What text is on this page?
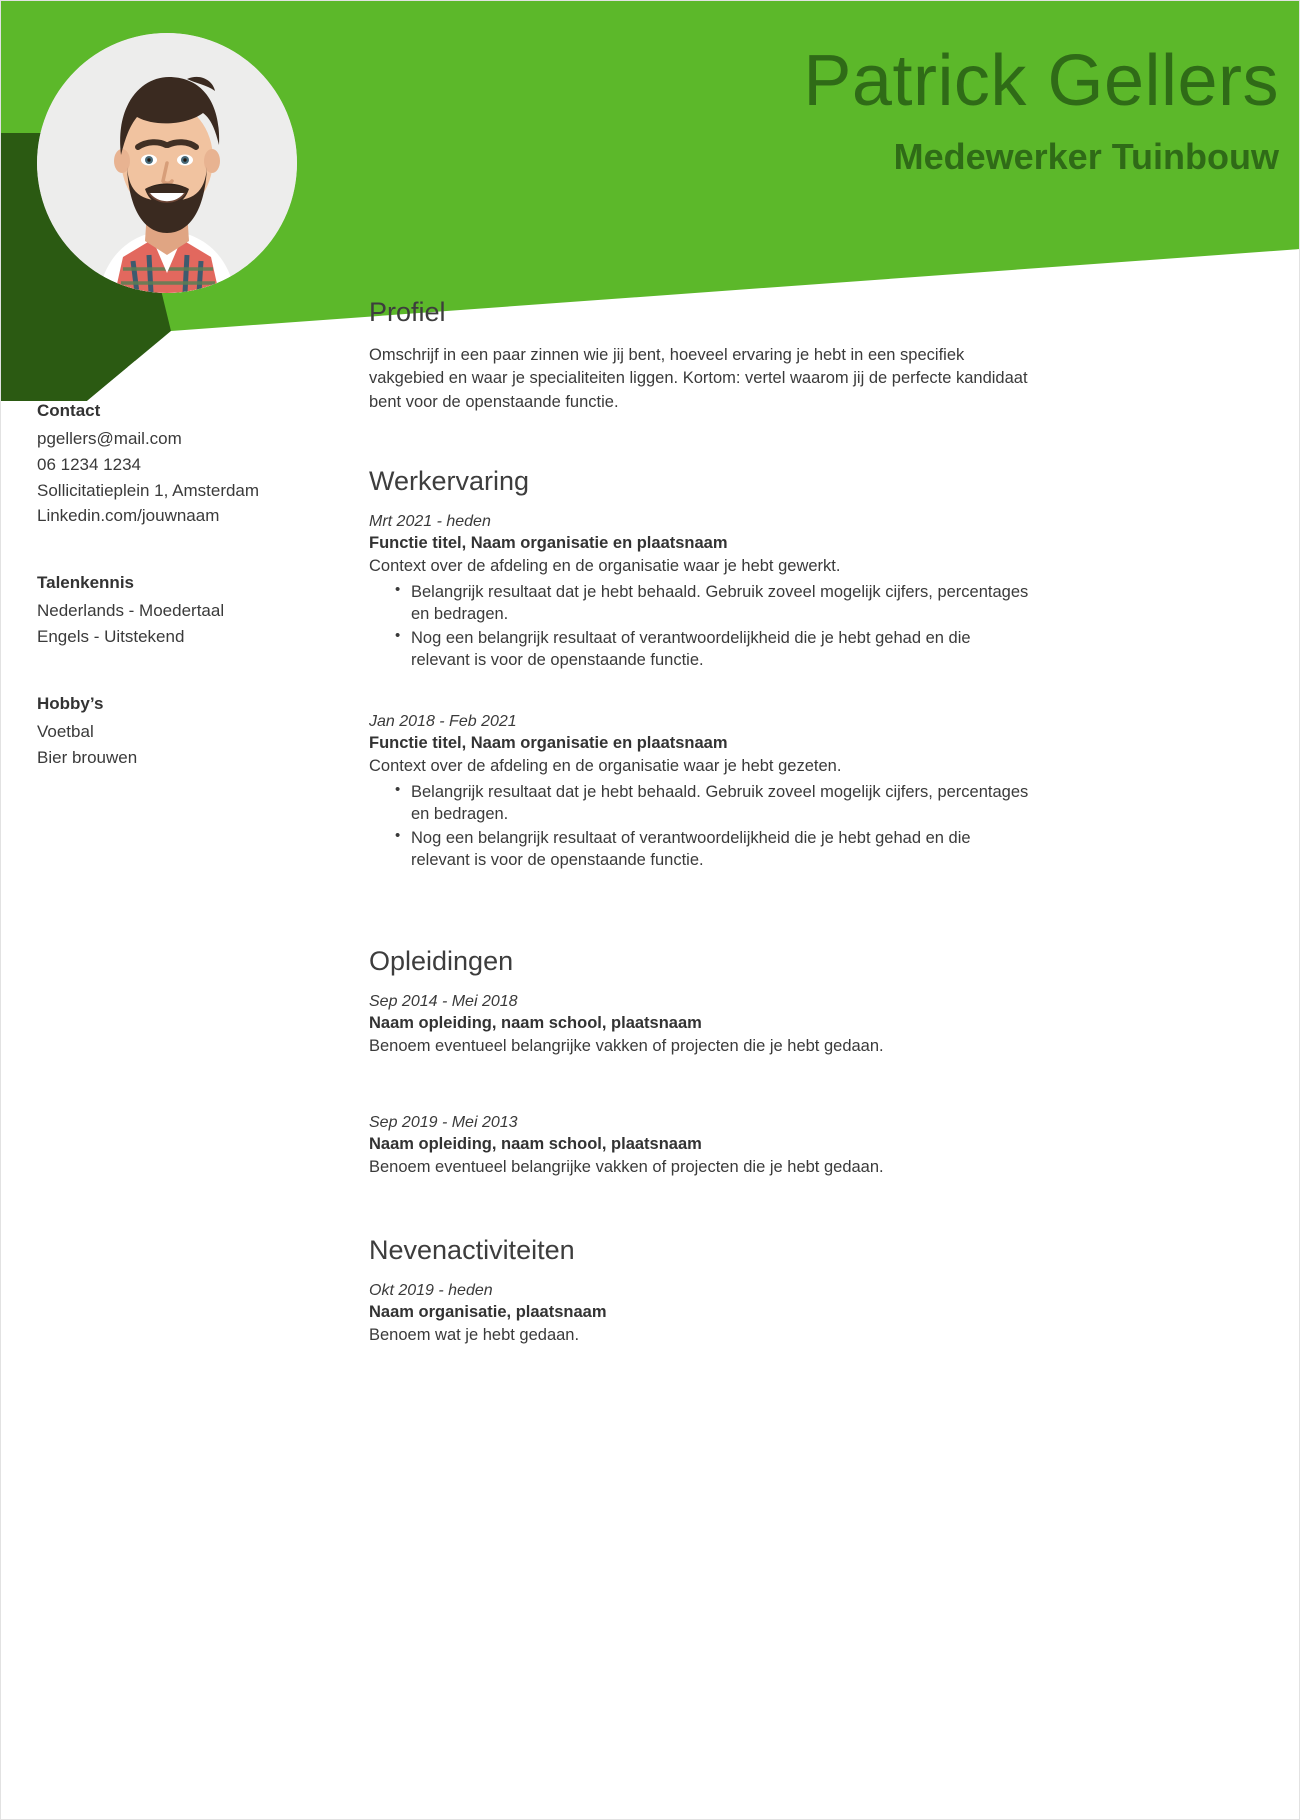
Patrick Gellers
Medewerker Tuinbouw
Contact
pgellers@mail.com
06 1234 1234
Sollicitatieplein 1, Amsterdam
Linkedin.com/jouwnaam
Talenkennis
Nederlands - Moedertaal
Engels - Uitstekend
Hobby’s
Voetbal
Bier brouwen
Profiel

Omschrijf in een paar zinnen wie jij bent, hoeveel ervaring je hebt in een specifiek vakgebied en waar je specialiteiten liggen. Kortom: vertel waarom jij de perfecte kandidaat bent voor de openstaande functie.

Werkervaring
Mrt 2021 - heden
Functie titel, Naam organisatie en plaatsnaam
Context over de afdeling en de organisatie waar je hebt gewerkt.
• Belangrijk resultaat dat je hebt behaald. Gebruik zoveel mogelijk cijfers, percentages en bedragen.
• Nog een belangrijk resultaat of verantwoordelijkheid die je hebt gehad en die relevant is voor de openstaande functie.
Jan 2018 - Feb 2021
Functie titel, Naam organisatie en plaatsnaam
Context over de afdeling en de organisatie waar je hebt gezeten.
• Belangrijk resultaat dat je hebt behaald. Gebruik zoveel mogelijk cijfers, percentages en bedragen.
• Nog een belangrijk resultaat of verantwoordelijkheid die je hebt gehad en die relevant is voor de openstaande functie.
Opleidingen
Sep 2014 - Mei 2018
Naam opleiding, naam school, plaatsnaam
Benoem eventueel belangrijke vakken of projecten die je hebt gedaan.
Sep 2019 - Mei 2013
Naam opleiding, naam school, plaatsnaam
Benoem eventueel belangrijke vakken of projecten die je hebt gedaan.
Nevenactiviteiten
Okt 2019 - heden
Naam organisatie, plaatsnaam
Benoem wat je hebt gedaan.
